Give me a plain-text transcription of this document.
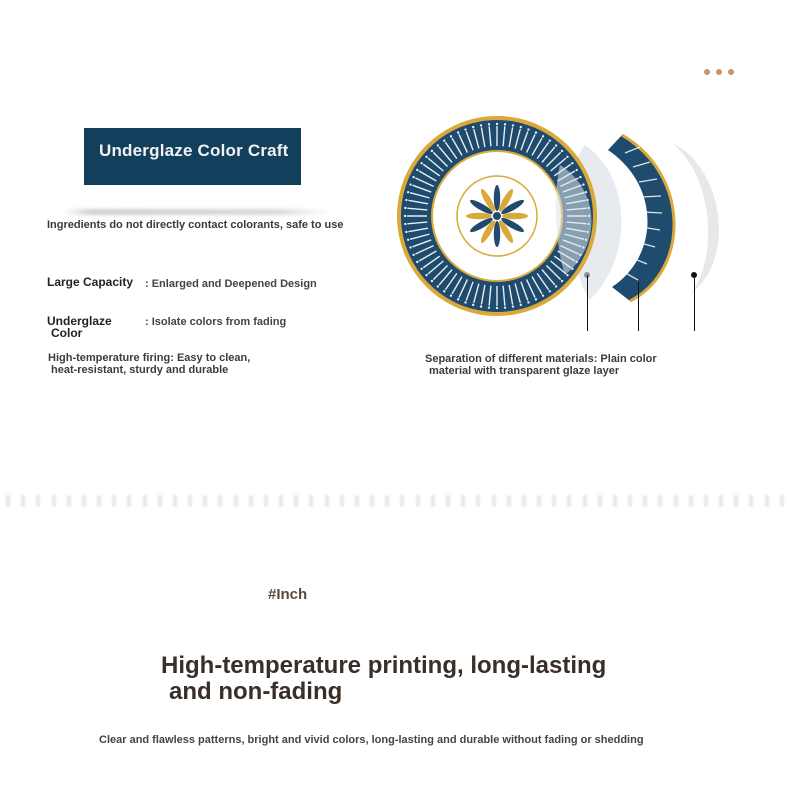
Underglaze Color Craft
Ingredients do not directly contact colorants, safe to use
Large Capacity : Enlarged and Deepened Design
Underglaze
Color
: Isolate colors from fading
High-temperature firing: Easy to clean,
heat-resistant, sturdy and durable
Separation of different materials: Plain color
material with transparent glaze layer
#Inch
High-temperature printing, long-lasting
and non-fading
Clear and flawless patterns, bright and vivid colors, long-lasting and durable without fading or shedding
